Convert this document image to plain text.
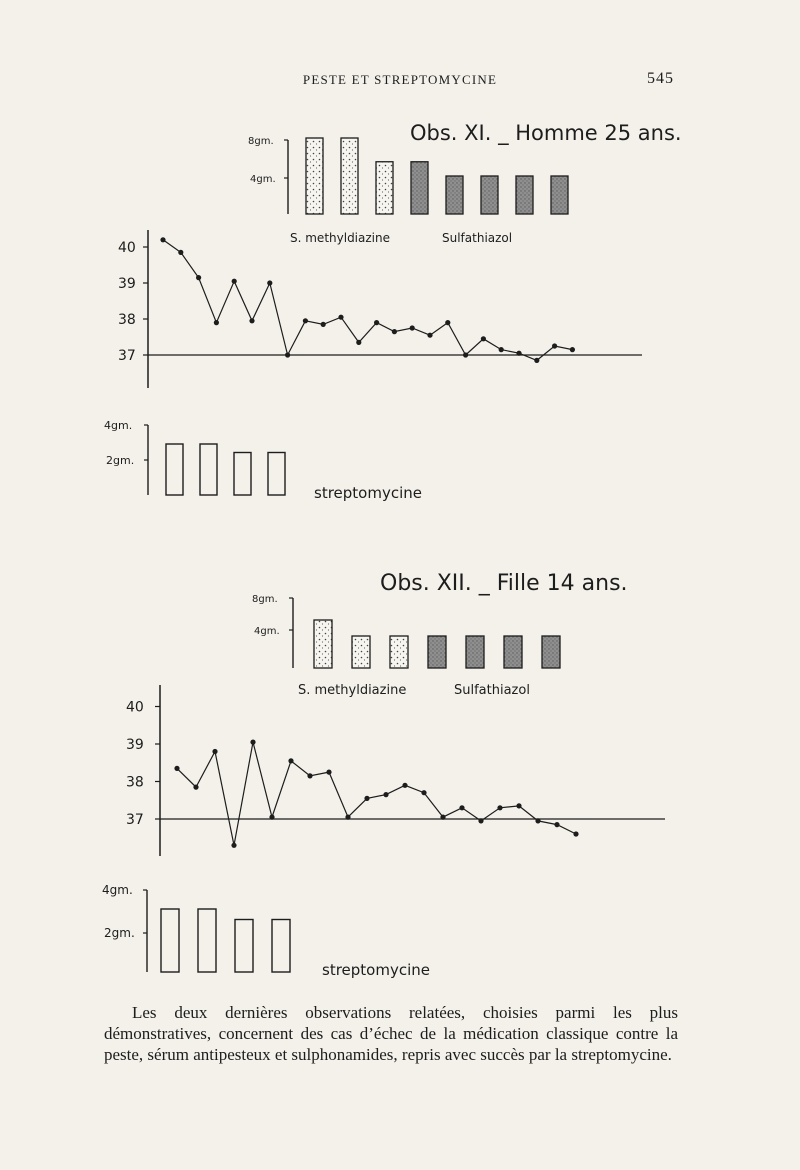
PESTE ET STREPTOMYCINE	545
Obs. XI. _ Homme 25 ans.
8gm.
4gm.
S. methyldiazine	Sulfathiazol
37
38
39
40
4gm.
2gm.
streptomycine
Obs. XII. _ Fille 14 ans.
8gm.
4gm.
S. methyldiazine	Sulfathiazol
37
38
39
40
4gm.
2gm.
streptomycine

Les deux dernières observations relatées, choisies parmi les plus démonstratives, concernent des cas d’échec de la médication classique contre la peste, sérum antipesteux et sulphonamides, repris avec succès par la streptomycine.
